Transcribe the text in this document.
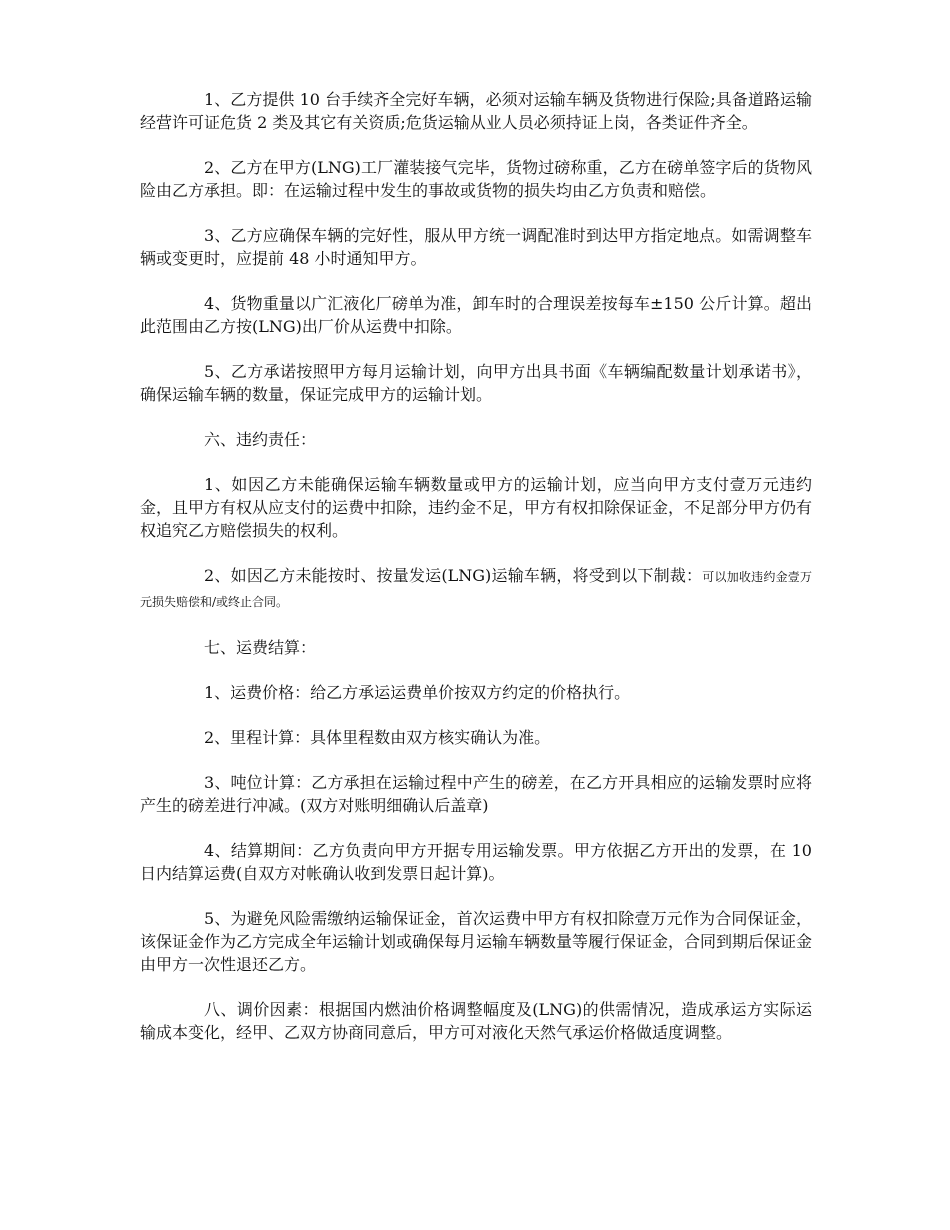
1、乙方提供 10 台手续齐全完好车辆，必须对运输车辆及货物进行保险;具备道路运输经营许可证危货 2 类及其它有关资质;危货运输从业人员必须持证上岗，各类证件齐全。

2、乙方在甲方(LNG)工厂灌装接气完毕，货物过磅称重，乙方在磅单签字后的货物风险由乙方承担。即：在运输过程中发生的事故或货物的损失均由乙方负责和赔偿。

3、乙方应确保车辆的完好性，服从甲方统一调配准时到达甲方指定地点。如需调整车辆或变更时，应提前 48 小时通知甲方。

4、货物重量以广汇液化厂磅单为准，卸车时的合理误差按每车±150 公斤计算。超出此范围由乙方按(LNG)出厂价从运费中扣除。

5、乙方承诺按照甲方每月运输计划，向甲方出具书面《车辆编配数量计划承诺书》，确保运输车辆的数量，保证完成甲方的运输计划。

六、违约责任：

1、如因乙方未能确保运输车辆数量或甲方的运输计划，应当向甲方支付壹万元违约金，且甲方有权从应支付的运费中扣除，违约金不足，甲方有权扣除保证金，不足部分甲方仍有权追究乙方赔偿损失的权利。

2、如因乙方未能按时、按量发运(LNG)运输车辆，将受到以下制裁：可以加收违约金壹万元损失赔偿和/或终止合同。

七、运费结算：

1、运费价格：给乙方承运运费单价按双方约定的价格执行。

2、里程计算：具体里程数由双方核实确认为准。

3、吨位计算：乙方承担在运输过程中产生的磅差，在乙方开具相应的运输发票时应将产生的磅差进行冲减。(双方对账明细确认后盖章)

4、结算期间：乙方负责向甲方开据专用运输发票。甲方依据乙方开出的发票，在 10 日内结算运费(自双方对帐确认收到发票日起计算)。

5、为避免风险需缴纳运输保证金，首次运费中甲方有权扣除壹万元作为合同保证金，该保证金作为乙方完成全年运输计划或确保每月运输车辆数量等履行保证金，合同到期后保证金由甲方一次性退还乙方。

八、调价因素：根据国内燃油价格调整幅度及(LNG)的供需情况，造成承运方实际运输成本变化，经甲、乙双方协商同意后，甲方可对液化天然气承运价格做适度调整。
